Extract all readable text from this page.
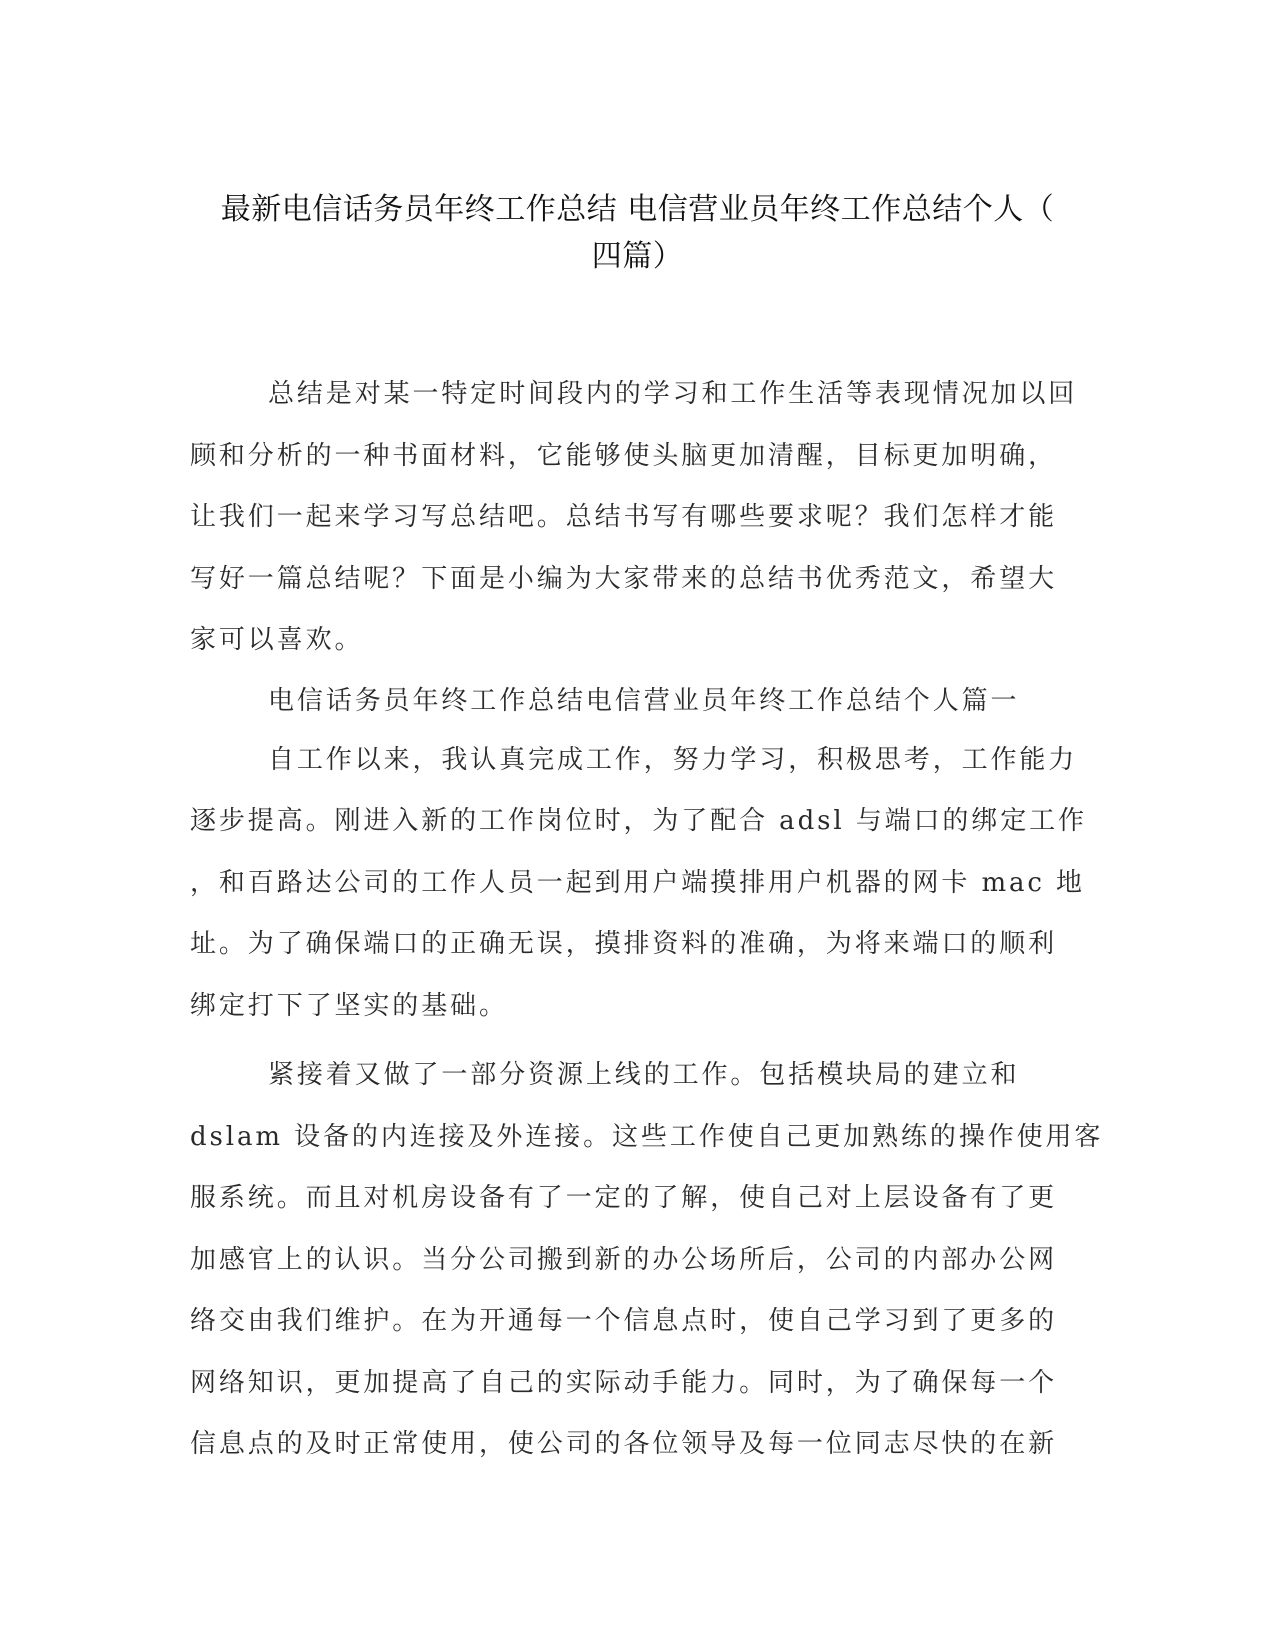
最新电信话务员年终工作总结 电信营业员年终工作总结个人（
四篇）
总结是对某一特定时间段内的学习和工作生活等表现情况加以回
顾和分析的一种书面材料，它能够使头脑更加清醒，目标更加明确，
让我们一起来学习写总结吧。总结书写有哪些要求呢？我们怎样才能
写好一篇总结呢？下面是小编为大家带来的总结书优秀范文，希望大
家可以喜欢。
电信话务员年终工作总结电信营业员年终工作总结个人篇一
自工作以来，我认真完成工作，努力学习，积极思考，工作能力
逐步提高。刚进入新的工作岗位时，为了配合 adsl 与端口的绑定工作
，和百路达公司的工作人员一起到用户端摸排用户机器的网卡 mac 地
址。为了确保端口的正确无误，摸排资料的准确，为将来端口的顺利
绑定打下了坚实的基础。
紧接着又做了一部分资源上线的工作。包括模块局的建立和
dslam 设备的内连接及外连接。这些工作使自己更加熟练的操作使用客
服系统。而且对机房设备有了一定的了解，使自己对上层设备有了更
加感官上的认识。当分公司搬到新的办公场所后，公司的内部办公网
络交由我们维护。在为开通每一个信息点时，使自己学习到了更多的
网络知识，更加提高了自己的实际动手能力。同时，为了确保每一个
信息点的及时正常使用，使公司的各位领导及每一位同志尽快的在新
